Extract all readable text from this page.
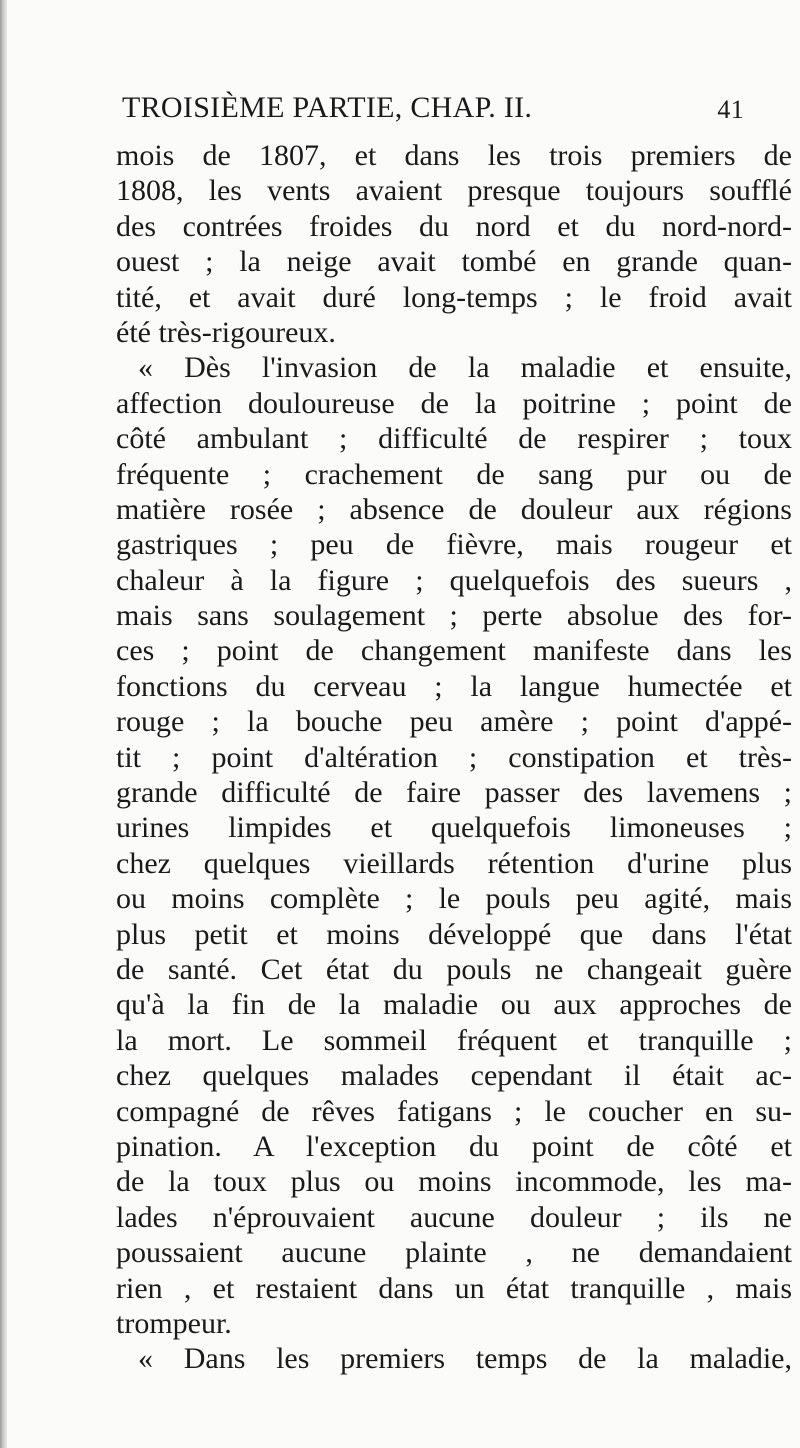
TROISIÈME PARTIE, CHAP. II.	41
mois de 1807, et dans les trois premiers de
1808, les vents avaient presque toujours soufflé
des contrées froides du nord et du nord-nord-
ouest ; la neige avait tombé en grande quan-
tité, et avait duré long-temps ; le froid avait
été très-rigoureux.
« Dès l'invasion de la maladie et ensuite,
affection douloureuse de la poitrine ; point de
côté ambulant ; difficulté de respirer ; toux
fréquente ; crachement de sang pur ou de
matière rosée ; absence de douleur aux régions
gastriques ; peu de fièvre, mais rougeur et
chaleur à la figure ; quelquefois des sueurs ,
mais sans soulagement ; perte absolue des for-
ces ; point de changement manifeste dans les
fonctions du cerveau ; la langue humectée et
rouge ; la bouche peu amère ; point d'appé-
tit ; point d'altération ; constipation et très-
grande difficulté de faire passer des lavemens ;
urines limpides et quelquefois limoneuses ;
chez quelques vieillards rétention d'urine plus
ou moins complète ; le pouls peu agité, mais
plus petit et moins développé que dans l'état
de santé. Cet état du pouls ne changeait guère
qu'à la fin de la maladie ou aux approches de
la mort. Le sommeil fréquent et tranquille ;
chez quelques malades cependant il était ac-
compagné de rêves fatigans ; le coucher en su-
pination. A l'exception du point de côté et
de la toux plus ou moins incommode, les ma-
lades n'éprouvaient aucune douleur ; ils ne
poussaient aucune plainte , ne demandaient
rien , et restaient dans un état tranquille , mais
trompeur.
« Dans les premiers temps de la maladie,
